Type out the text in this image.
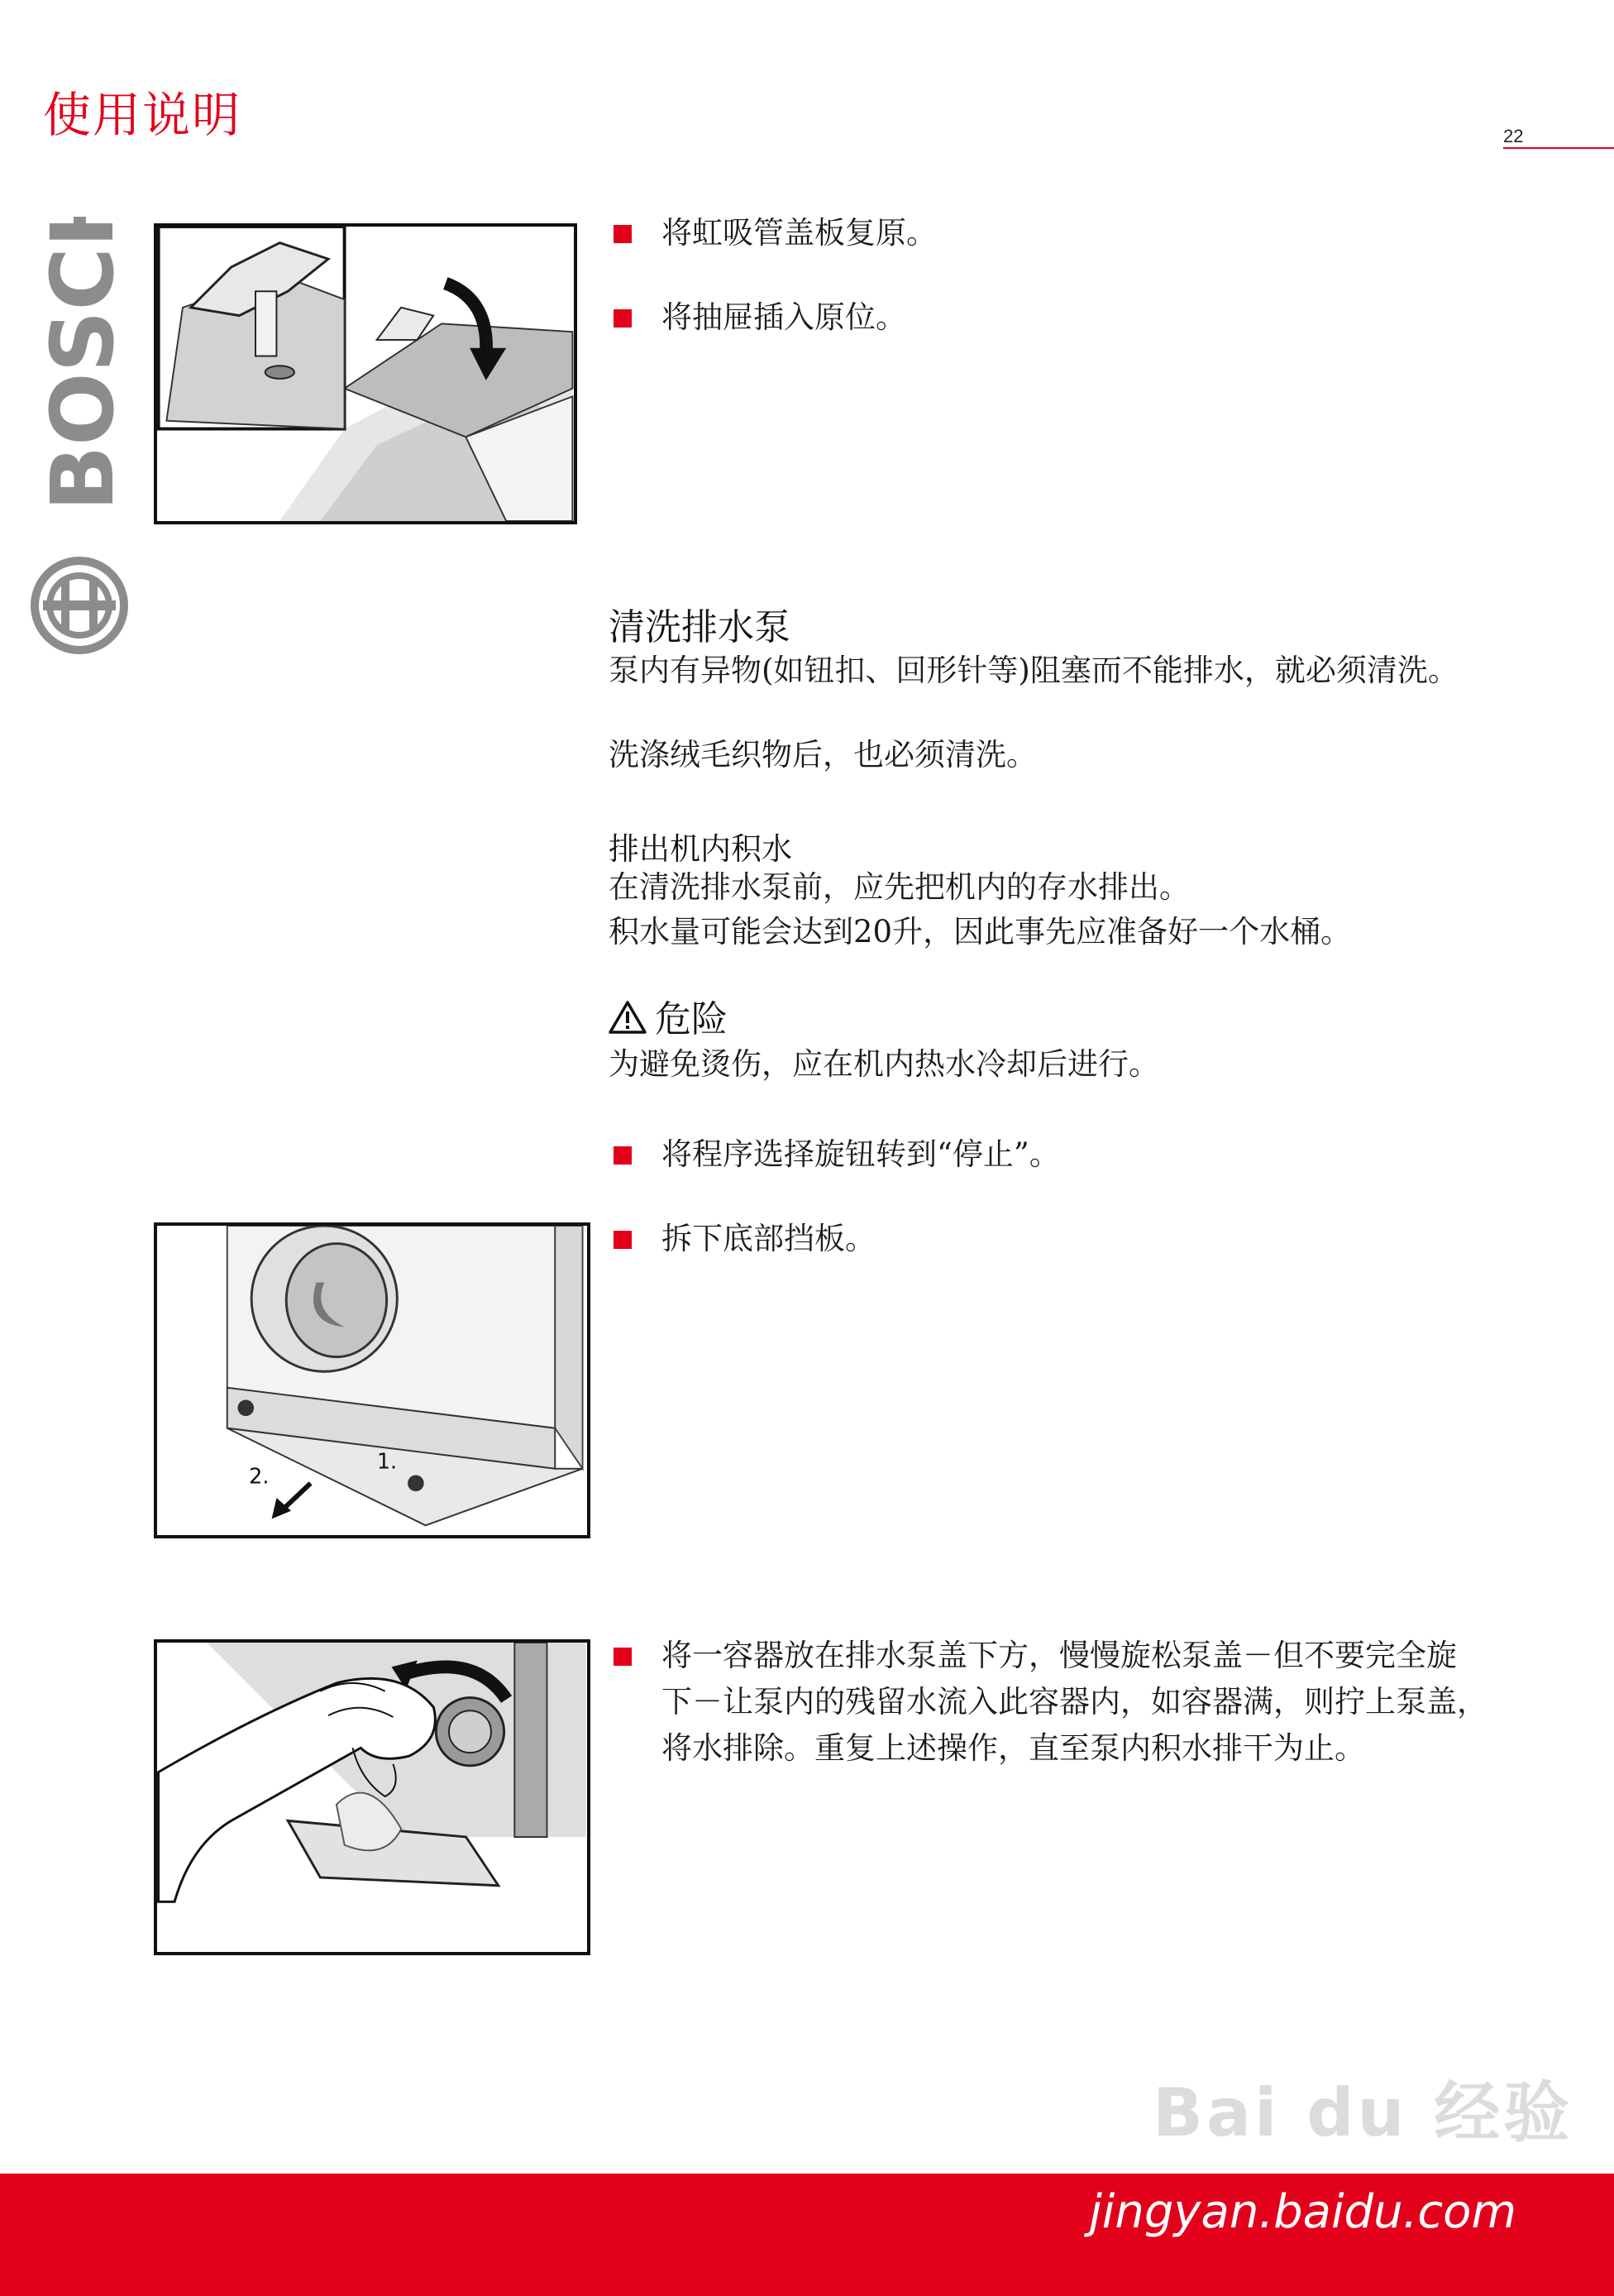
使用说明	22
BOSCH	将虹吸管盖板复原。
将抽屉插入原位。
清洗排水泵
泵内有异物(如钮扣、回形针等)阻塞而不能排水，就必须清洗。
洗涤绒毛织物后，也必须清洗。
排出机内积水
在清洗排水泵前，应先把机内的存水排出。
积水量可能会达到20升，因此事先应准备好一个水桶。
危险
为避免烫伤，应在机内热水冷却后进行。
将程序选择旋钮转到“停止”。
拆下底部挡板。
1.
2.
将一容器放在排水泵盖下方，慢慢旋松泵盖－但不要完全旋
下－让泵内的残留水流入此容器内，如容器满，则拧上泵盖，
将水排除。重复上述操作，直至泵内积水排干为止。
Bai du 经验
jingyan.baidu.com
